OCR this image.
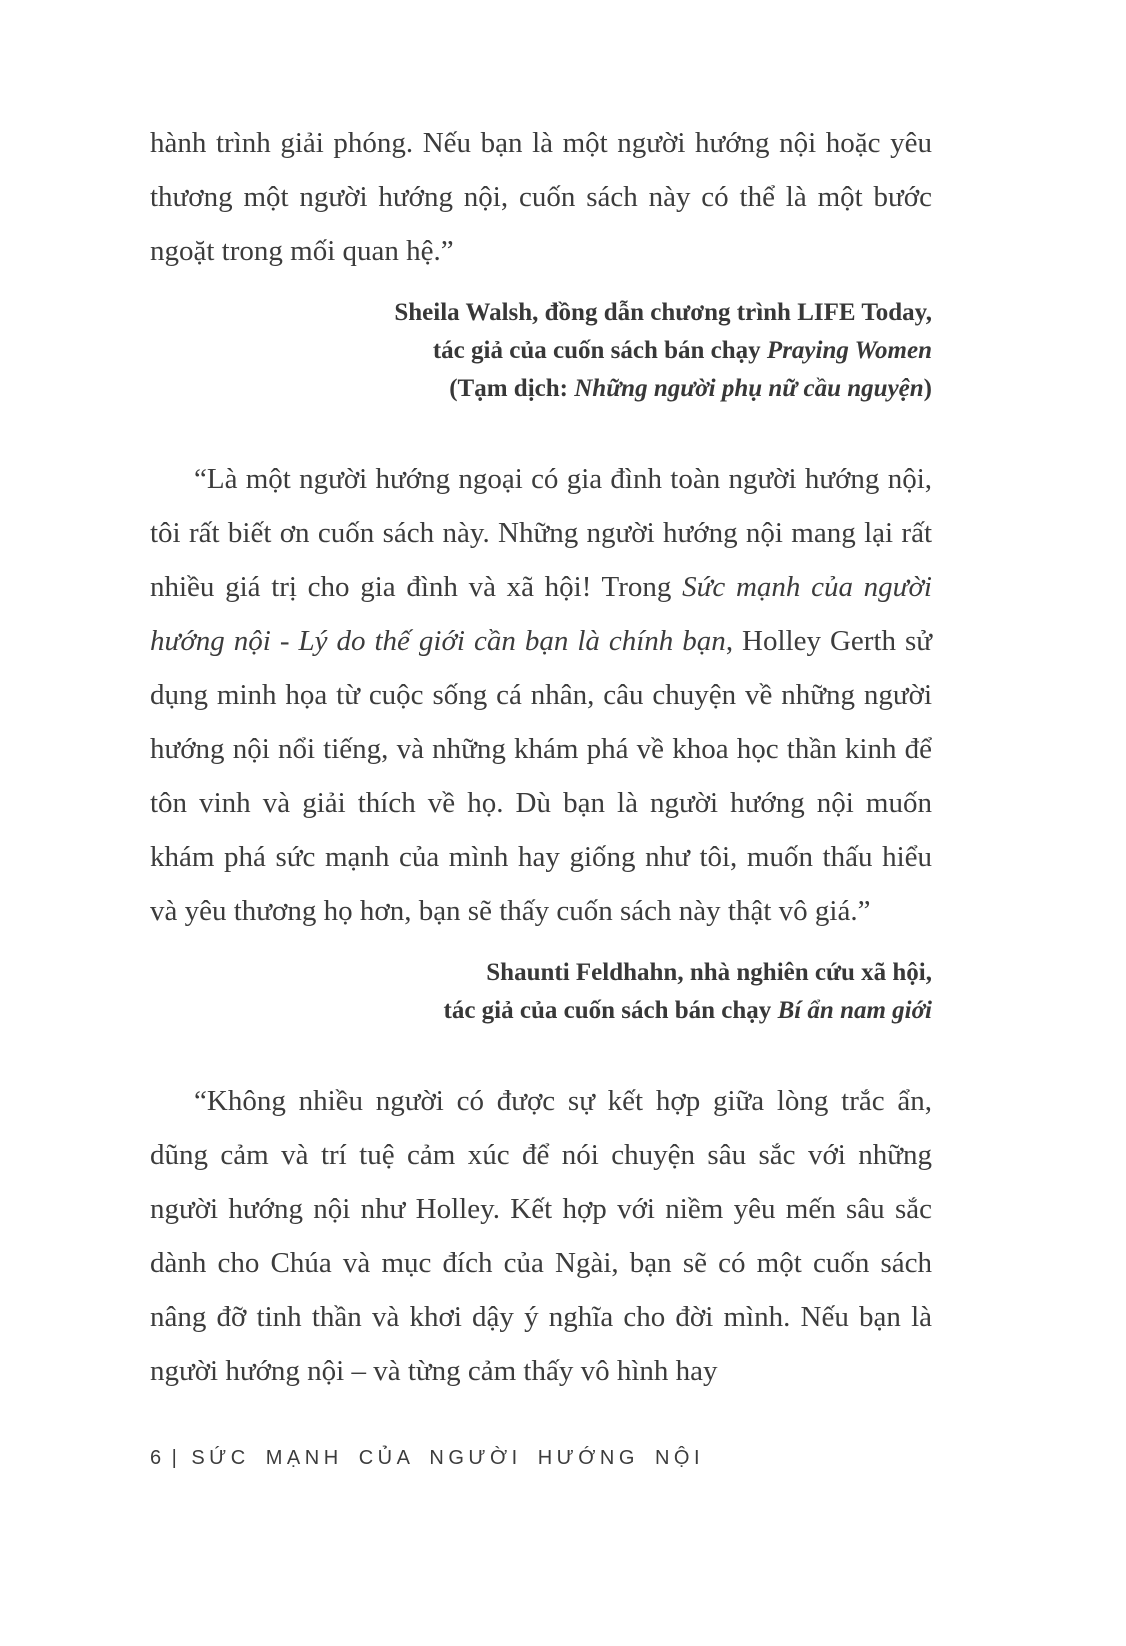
hành trình giải phóng. Nếu bạn là một người hướng nội hoặc yêu thương một người hướng nội, cuốn sách này có thể là một bước ngoặt trong mối quan hệ.”

Sheila Walsh, đồng dẫn chương trình LIFE Today,
tác giả của cuốn sách bán chạy Praying Women
(Tạm dịch: Những người phụ nữ cầu nguyện)

“Là một người hướng ngoại có gia đình toàn người hướng nội, tôi rất biết ơn cuốn sách này. Những người hướng nội mang lại rất nhiều giá trị cho gia đình và xã hội! Trong Sức mạnh của người hướng nội - Lý do thế giới cần bạn là chính bạn, Holley Gerth sử dụng minh họa từ cuộc sống cá nhân, câu chuyện về những người hướng nội nổi tiếng, và những khám phá về khoa học thần kinh để tôn vinh và giải thích về họ. Dù bạn là người hướng nội muốn khám phá sức mạnh của mình hay giống như tôi, muốn thấu hiểu và yêu thương họ hơn, bạn sẽ thấy cuốn sách này thật vô giá.”

Shaunti Feldhahn, nhà nghiên cứu xã hội,
tác giả của cuốn sách bán chạy Bí ẩn nam giới

“Không nhiều người có được sự kết hợp giữa lòng trắc ẩn, dũng cảm và trí tuệ cảm xúc để nói chuyện sâu sắc với những người hướng nội như Holley. Kết hợp với niềm yêu mến sâu sắc dành cho Chúa và mục đích của Ngài, bạn sẽ có một cuốn sách nâng đỡ tinh thần và khơi dậy ý nghĩa cho đời mình. Nếu bạn là người hướng nội – và từng cảm thấy vô hình hay

6 | SỨC MẠNH CỦA NGƯỜI HƯỚNG NỘI
